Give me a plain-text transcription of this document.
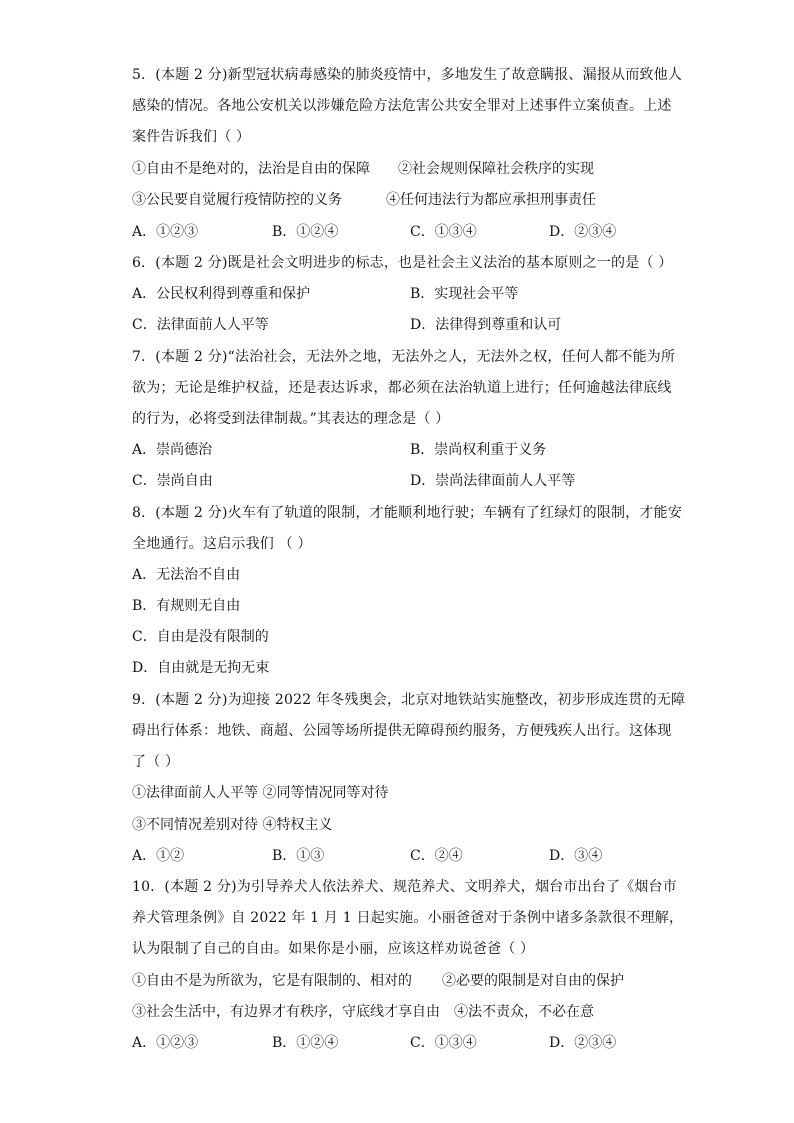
5．(本题 2 分)新型冠状病毒感染的肺炎疫情中，多地发生了故意瞒报、漏报从而致他人
感染的情况。各地公安机关以涉嫌危险方法危害公共安全罪对上述事件立案侦查。上述
案件告诉我们（ ）
①自由不是绝对的，法治是自由的保障 ②社会规则保障社会秩序的实现
③公民要自觉履行疫情防控的义务	④任何违法行为都应承担刑事责任
A．①②③	B．①②④	C．①③④	D．②③④
6．(本题 2 分)既是社会文明进步的标志，也是社会主义法治的基本原则之一的是（ ）
A．公民权利得到尊重和保护	B．实现社会平等
C．法律面前人人平等	D．法律得到尊重和认可
7．(本题 2 分)“法治社会，无法外之地，无法外之人，无法外之权，任何人都不能为所
欲为；无论是维护权益，还是表达诉求，都必须在法治轨道上进行；任何逾越法律底线
的行为，必将受到法律制裁。”其表达的理念是（ ）
A．崇尚德治	B．崇尚权利重于义务
C．崇尚自由	D．崇尚法律面前人人平等
8．(本题 2 分)火车有了轨道的限制，才能顺利地行驶；车辆有了红绿灯的限制，才能安
全地通行。这启示我们 （ ）
A．无法治不自由
B．有规则无自由
C．自由是没有限制的
D．自由就是无拘无束
9．(本题 2 分)为迎接 2022 年冬残奥会，北京对地铁站实施整改，初步形成连贯的无障
碍出行体系：地铁、商超、公园等场所提供无障碍预约服务，方便残疾人出行。这体现
了（ ）
①法律面前人人平等 ②同等情况同等对待
③不同情况差别对待 ④特权主义
A．①②	B．①③	C．②④	D．③④
10．(本题 2 分)为引导养犬人依法养犬、规范养犬、文明养犬，烟台市出台了《烟台市
养犬管理条例》自 2022 年 1 月 1 日起实施。小丽爸爸对于条例中诸多条款很不理解，
认为限制了自己的自由。如果你是小丽，应该这样劝说爸爸（ ）
①自由不是为所欲为，它是有限制的、相对的 ②必要的限制是对自由的保护
③社会生活中，有边界才有秩序，守底线才享自由 ④法不责众，不必在意
A．①②③	B．①②④	C．①③④	D．②③④
